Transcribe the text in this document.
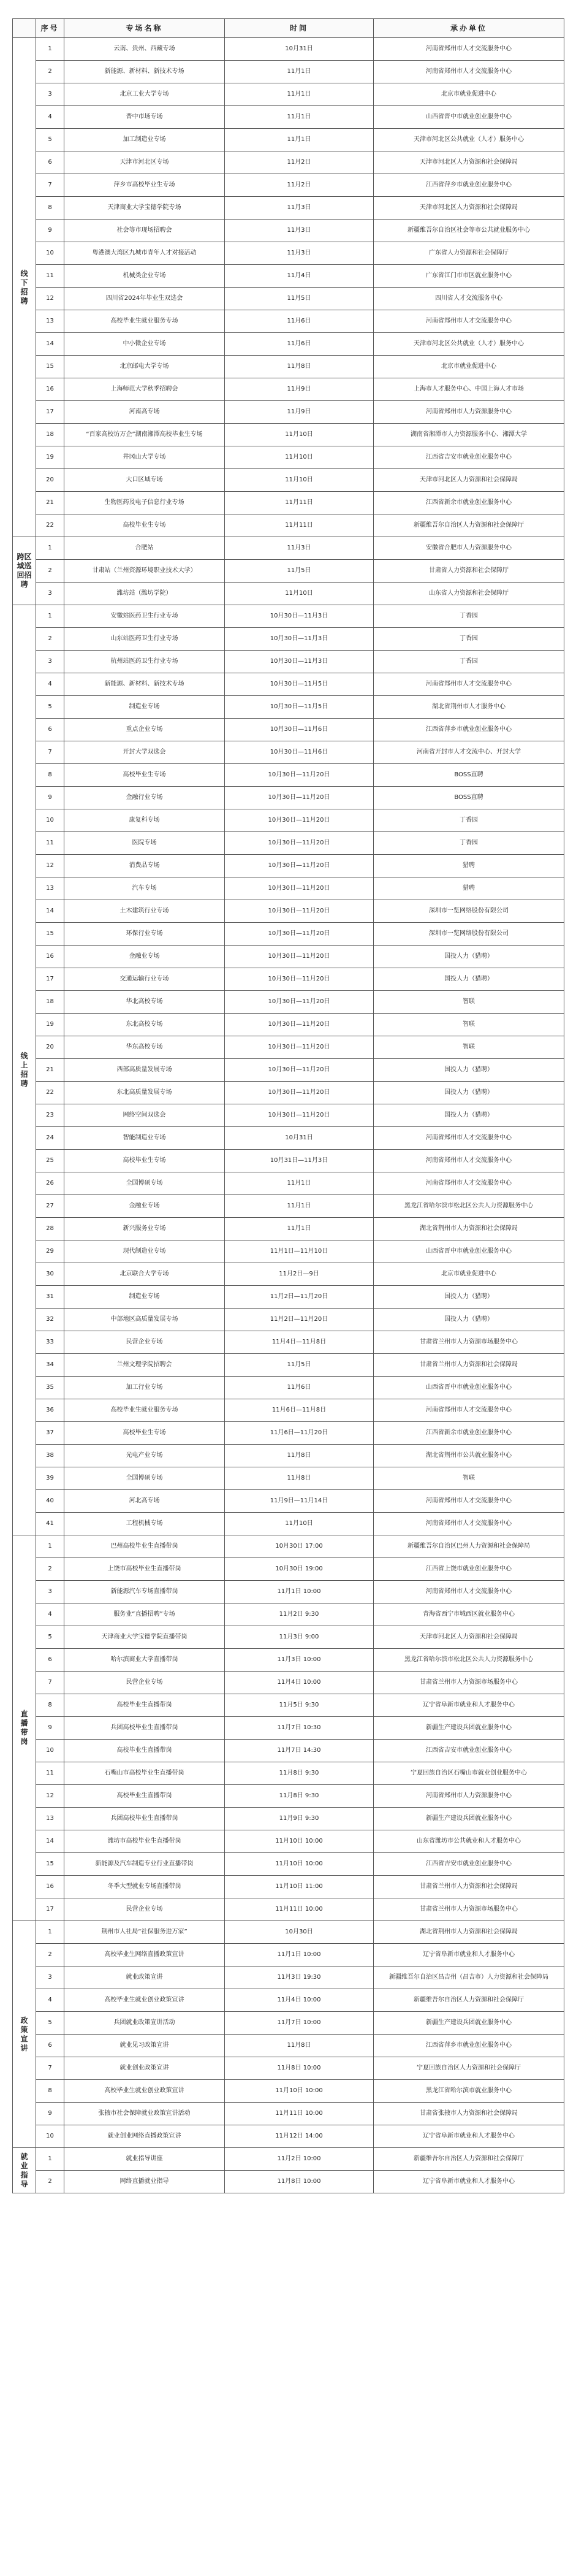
	序号	专场名称	时间	承办单位
线 下 招 聘	1	云南、贵州、西藏专场	10月31日	河南省郑州市人才交流服务中心
	2	新能源、新材料、新技术专场	11月1日	河南省郑州市人才交流服务中心
	3	北京工业大学专场	11月1日	北京市就业促进中心
	4	晋中市场专场	11月1日	山西省晋中市就业创业服务中心
	5	加工制造业专场	11月1日	天津市河北区公共就业（人才）服务中心
	6	天津市河北区专场	11月2日	天津市河北区人力资源和社会保障局
	7	萍乡市高校毕业生专场	11月2日	江西省萍乡市就业创业服务中心
	8	天津商业大学宝德学院专场	11月3日	天津市河北区人力资源和社会保障局
	9	社会等市现场招聘会	11月3日	新疆维吾尔自治区社会等市公共就业服务中心
	10	粤港澳大湾区九城市青年人才对接活动	11月3日	广东省人力资源和社会保障厅
	11	机械类企业专场	11月4日	广东省江门市市区就业服务中心
	12	四川省2024年毕业生双选会	11月5日	四川省人才交流服务中心
	13	高校毕业生就业服务专场	11月6日	河南省郑州市人才交流服务中心
	14	中小微企业专场	11月6日	天津市河北区公共就业（人才）服务中心
	15	北京邮电大学专场	11月8日	北京市就业促进中心
	16	上海师范大学秋季招聘会	11月9日	上海市人才服务中心、中国上海人才市场
	17	河南高专场	11月9日	河南省郑州市人力资源服务中心
	18	“百家高校访万企”湖南湘潭高校毕业生专场	11月10日	湖南省湘潭市人力资源服务中心、湘潭大学
	19	井冈山大学专场	11月10日	江西省吉安市就业创业服务中心
	20	大口区域专场	11月10日	天津市河北区人力资源和社会保障局
	21	生物医药及电子信息行业专场	11月11日	江西省新余市就业创业服务中心
	22	高校毕业生专场	11月11日	新疆维吾尔自治区人力资源和社会保障厅
跨区域巡回招聘	1	合肥站	11月3日	安徽省合肥市人力资源服务中心
	2	甘肃站（兰州资源环境职业技术大学）	11月5日	甘肃省人力资源和社会保障厅
	3	潍坊站（潍坊学院）	11月10日	山东省人力资源和社会保障厅
线 上 招 聘	1	安徽站医药卫生行业专场	10月30日—11月3日	丁香园
	2	山东站医药卫生行业专场	10月30日—11月3日	丁香园
	3	杭州站医药卫生行业专场	10月30日—11月3日	丁香园
	4	新能源、新材料、新技术专场	10月30日—11月5日	河南省郑州市人才交流服务中心
	5	制造业专场	10月30日—11月5日	湖北省荆州市人才服务中心
	6	重点企业专场	10月30日—11月6日	江西省萍乡市就业创业服务中心
	7	开封大学双选会	10月30日—11月6日	河南省开封市人才交流中心、开封大学
	8	高校毕业生专场	10月30日—11月20日	BOSS直聘
	9	金融行业专场	10月30日—11月20日	BOSS直聘
	10	康复科专场	10月30日—11月20日	丁香园
	11	医院专场	10月30日—11月20日	丁香园
	12	消费品专场	10月30日—11月20日	猎聘
	13	汽车专场	10月30日—11月20日	猎聘
	14	土木建筑行业专场	10月30日—11月20日	深圳市一览网络股份有限公司
	15	环保行业专场	10月30日—11月20日	深圳市一览网络股份有限公司
	16	金融业专场	10月30日—11月20日	国投人力（猎聘）
	17	交通运输行业专场	10月30日—11月20日	国投人力（猎聘）
	18	华北高校专场	10月30日—11月20日	智联
	19	东北高校专场	10月30日—11月20日	智联
	20	华东高校专场	10月30日—11月20日	智联
	21	西部高质量发展专场	10月30日—11月20日	国投人力（猎聘）
	22	东北高质量发展专场	10月30日—11月20日	国投人力（猎聘）
	23	网络空间双选会	10月30日—11月20日	国投人力（猎聘）
	24	智能制造业专场	10月31日	河南省郑州市人才交流服务中心
	25	高校毕业生专场	10月31日—11月3日	河南省郑州市人才交流服务中心
	26	全国博硕专场	11月1日	河南省郑州市人才交流服务中心
	27	金融业专场	11月1日	黑龙江省哈尔滨市松北区公共人力资源服务中心
	28	新兴服务业专场	11月1日	湖北省荆州市人力资源和社会保障局
	29	现代制造业专场	11月1日—11月10日	山西省晋中市就业创业服务中心
	30	北京联合大学专场	11月2日—9日	北京市就业促进中心
	31	制造业专场	11月2日—11月20日	国投人力（猎聘）
	32	中部地区高质量发展专场	11月2日—11月20日	国投人力（猎聘）
	33	民营企业专场	11月4日—11月8日	甘肃省兰州市人力资源市场服务中心
	34	兰州文理学院招聘会	11月5日	甘肃省兰州市人力资源和社会保障局
	35	加工行业专场	11月6日	山西省晋中市就业创业服务中心
	36	高校毕业生就业服务专场	11月6日—11月8日	河南省郑州市人才交流服务中心
	37	高校毕业生专场	11月6日—11月20日	江西省新余市就业创业服务中心
	38	光电产业专场	11月8日	湖北省荆州市公共就业服务中心
	39	全国博硕专场	11月8日	智联
	40	河北高专场	11月9日—11月14日	河南省郑州市人才交流服务中心
	41	工程机械专场	11月10日	河南省郑州市人才交流服务中心
直 播 带 岗	1	巴州高校毕业生直播带岗	10月30日 17:00	新疆维吾尔自治区巴州人力资源和社会保障局
	2	上饶市高校毕业生直播带岗	10月30日 19:00	江西省上饶市就业创业服务中心
	3	新能源汽车专场直播带岗	11月1日 10:00	河南省郑州市人才交流服务中心
	4	服务业“直播招聘”专场	11月2日 9:30	青海省西宁市城西区就业服务中心
	5	天津商业大学宝德学院直播带岗	11月3日 9:00	天津市河北区人力资源和社会保障局
	6	哈尔滨商业大学直播带岗	11月3日 10:00	黑龙江省哈尔滨市松北区公共人力资源服务中心
	7	民营企业专场	11月4日 10:00	甘肃省兰州市人力资源市场服务中心
	8	高校毕业生直播带岗	11月5日 9:30	辽宁省阜新市就业和人才服务中心
	9	兵团高校毕业生直播带岗	11月7日 10:30	新疆生产建设兵团就业服务中心
	10	高校毕业生直播带岗	11月7日 14:30	江西省吉安市就业创业服务中心
	11	石嘴山市高校毕业生直播带岗	11月8日 9:30	宁夏回族自治区石嘴山市就业创业服务中心
	12	高校毕业生直播带岗	11月8日 9:30	河南省郑州市人力资源服务中心
	13	兵团高校毕业生直播带岗	11月9日 9:30	新疆生产建设兵团就业服务中心
	14	潍坊市高校毕业生直播带岗	11月10日 10:00	山东省潍坊市公共就业和人才服务中心
	15	新能源及汽车制造专业行业直播带岗	11月10日 10:00	江西省吉安市就业创业服务中心
	16	冬季大型就业专场直播带岗	11月10日 11:00	甘肃省兰州市人力资源和社会保障局
	17	民营企业专场	11月11日 10:00	甘肃省兰州市人力资源市场服务中心
政 策 宣 讲	1	荆州市人社局“社保服务进万家”	10月30日	湖北省荆州市人力资源和社会保障局
	2	高校毕业生网络直播政策宣讲	11月1日 10:00	辽宁省阜新市就业和人才服务中心
	3	就业政策宣讲	11月3日 19:30	新疆维吾尔自治区昌吉州（昌吉市）人力资源和社会保障局
	4	高校毕业生就业创业政策宣讲	11月4日 10:00	新疆维吾尔自治区人力资源和社会保障厅
	5	兵团就业政策宣讲活动	11月7日 10:00	新疆生产建设兵团就业服务中心
	6	就业见习政策宣讲	11月8日	江西省萍乡市就业创业服务中心
	7	就业创业政策宣讲	11月8日 10:00	宁夏回族自治区人力资源和社会保障厅
	8	高校毕业生就业创业政策宣讲	11月10日 10:00	黑龙江省哈尔滨市就业服务中心
	9	张掖市社会保障就业政策宣讲活动	11月11日 10:00	甘肃省张掖市人力资源和社会保障局
	10	就业创业网络直播政策宣讲	11月12日 14:00	辽宁省阜新市就业和人才服务中心
就 业 指 导	1	就业指导讲座	11月2日 10:00	新疆维吾尔自治区人力资源和社会保障厅
	2	网络直播就业指导	11月8日 10:00	辽宁省阜新市就业和人才服务中心
